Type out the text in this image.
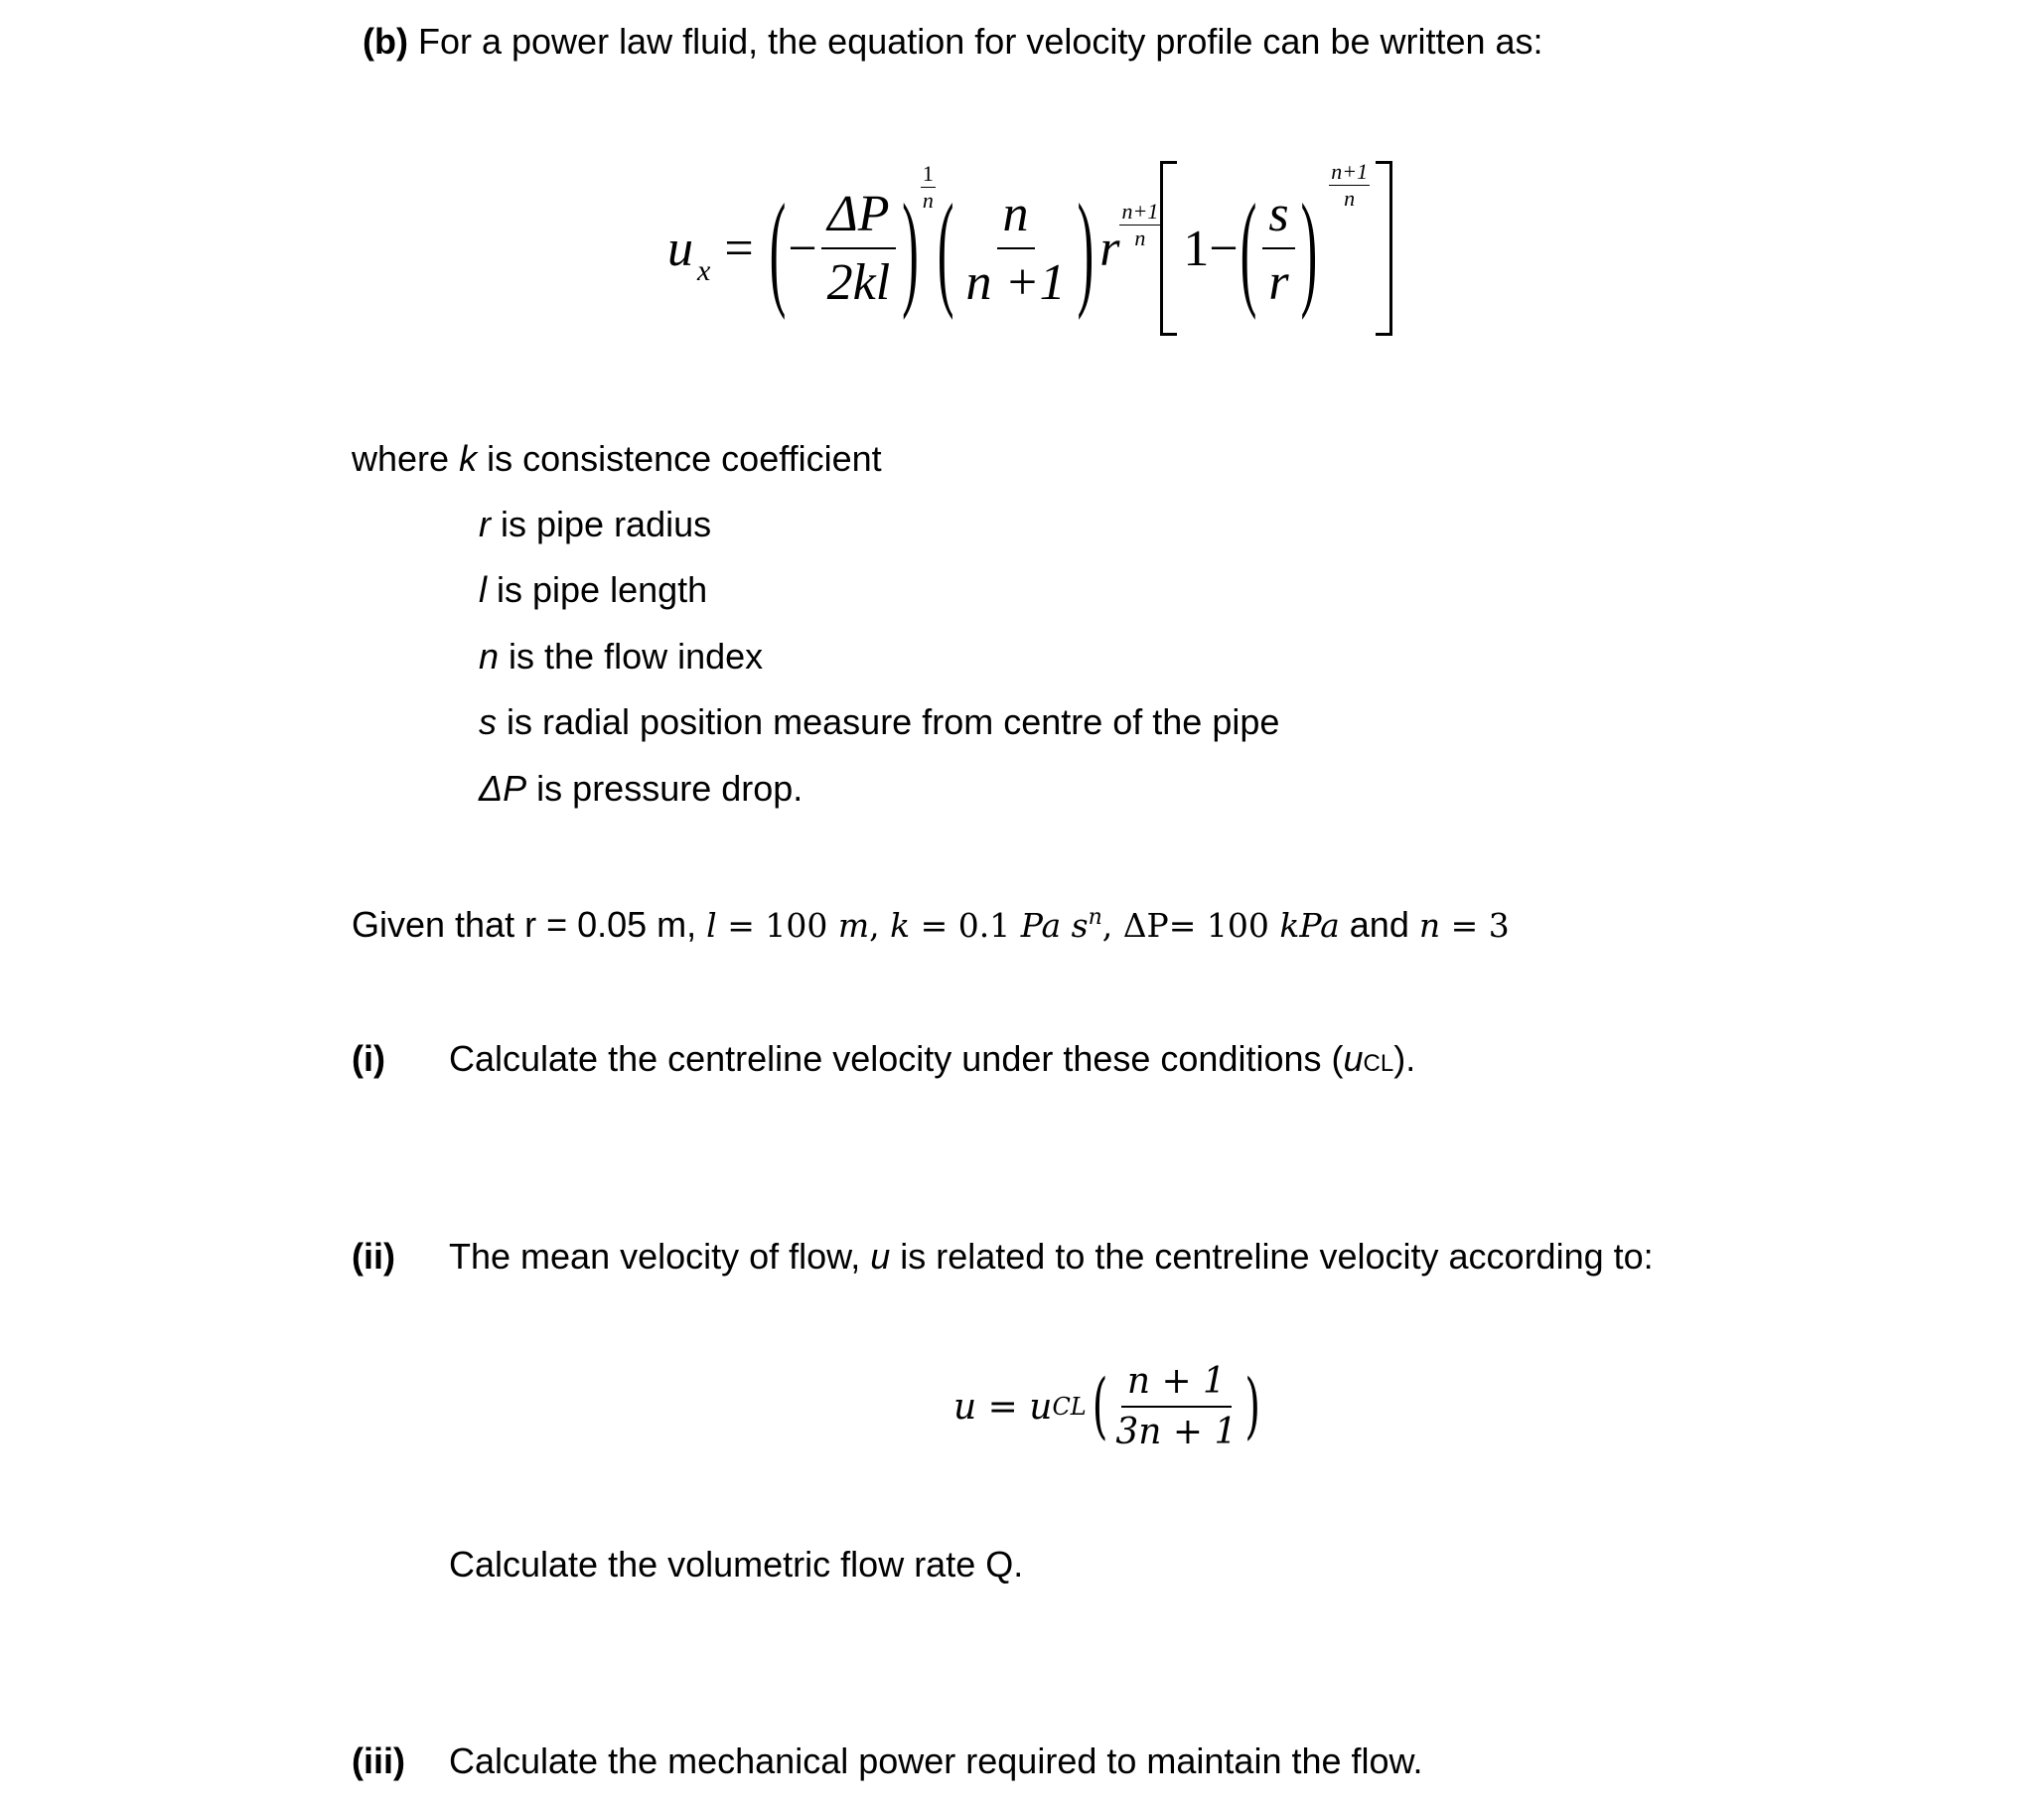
(b) For a power law fluid, the equation for velocity profile can be written as:
u x = ( − $\frac{\Delta P}{2kl}$ ) $\frac{1}{n}$ ( $\frac{n}{n +1}$ ) r $\frac{n+1}{n} 1-$ ( $\frac{s}{r}$ ) $\frac{n+1}{n}$
where k is consistence coefficient
r is pipe radius
l is pipe length
n is the flow index
s is radial position measure from centre of the pipe
ΔP is pressure drop.
Given that r = 0.05 m, l = 100 m, k = 0.1 Pa $s^n$, ΔP= 100 kPa and n = 3
(i) Calculate the centreline velocity under these conditions (uCL).
(ii) The mean velocity of flow, u is related to the centreline velocity according to:
u = u CL ( $\frac{n + 1}{3n + 1}$ )
Calculate the volumetric flow rate Q.
(iii) Calculate the mechanical power required to maintain the flow.
